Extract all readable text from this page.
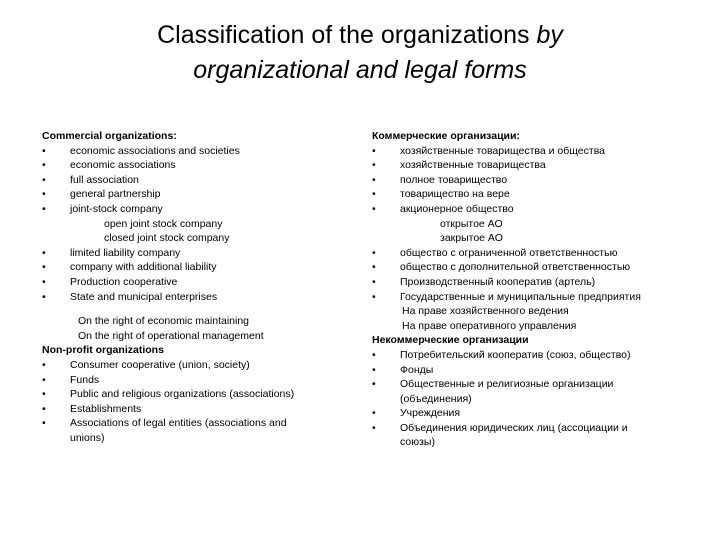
Classification of the organizations by
organizational and legal forms
Commercial organizations:
•	economic associations and societies
•	economic associations
•	full association
•	general partnership
•	joint-stock company
open joint stock company
closed joint stock company
•	limited liability company
•	company with additional liability
•	Production cooperative
•	State and municipal enterprises
On the right of economic maintaining
On the right of operational management
Non-profit organizations
•	Consumer cooperative (union, society)
•	Funds
•	Public and religious organizations (associations)
•	Establishments
•	Associations of legal entities (associations and unions)
Коммерческие организации:
•	хозяйственные товарищества и общества
•	хозяйственные товарищества
•	полное товарищество
•	товарищество на вере
•	акционерное общество
открытое АО
закрытое АО
•	общество с ограниченной ответственностью
•	общество с дополнительной ответственностью
•	Производственный кооператив (артель)
•	Государственные и муниципальные предприятия
На праве хозяйственного ведения
На праве оперативного управления
Некоммерческие организации
•	Потребительский кооператив (союз, общество)
•	Фонды
•	Общественные и религиозные организации (объединения)
•	Учреждения
•	Объединения юридических лиц (ассоциации и союзы)
